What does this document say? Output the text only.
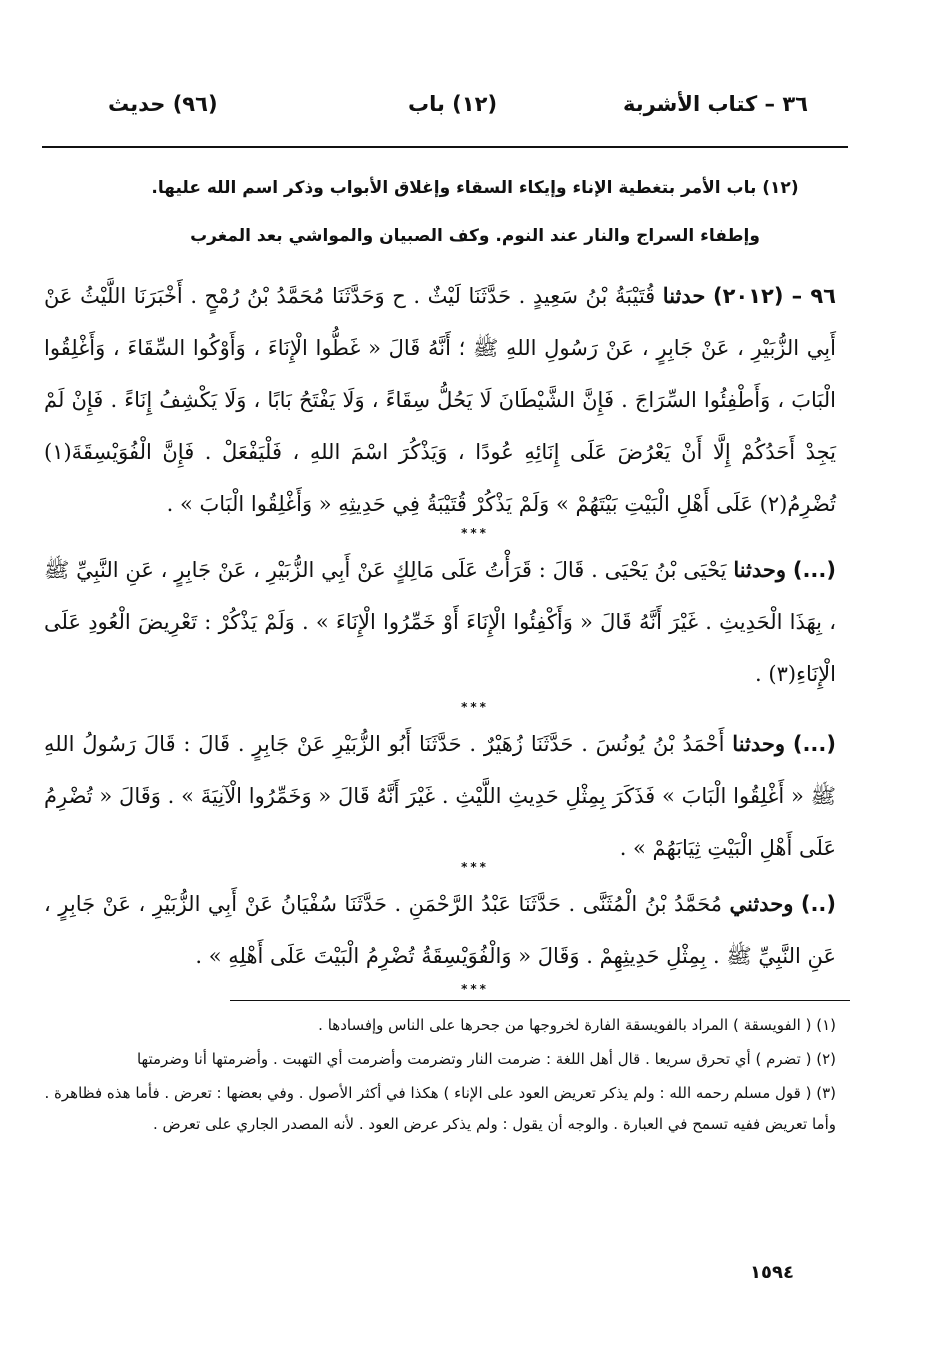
٣٦ – كتاب الأشربة
(١٢) باب
(٩٦) حديث
(١٢) باب الأمر بتغطية الإناء وإيكاء السقاء وإغلاق الأبواب وذكر اسم الله عليها.
وإطفاء السراج والنار عند النوم. وكف الصبيان والمواشي بعد المغرب
٩٦ – (٢٠١٢) حدثنا قُتَيْبَةُ بْنُ سَعِيدٍ . حَدَّثَنَا لَيْثٌ . ح وَحَدَّثَنَا مُحَمَّدُ بْنُ رُمْحٍ . أَخْبَرَنَا اللَّيْثُ عَنْ أَبِي الزُّبَيْرِ ، عَنْ جَابِرٍ ، عَنْ رَسُولِ اللهِ ﷺ ؛ أَنَّهُ قَالَ « غَطُّوا الْإِنَاءَ ، وَأَوْكُوا السِّقَاءَ ، وَأَغْلِقُوا الْبَابَ ، وَأَطْفِئُوا السِّرَاجَ . فَإِنَّ الشَّيْطَانَ لَا يَحُلُّ سِقَاءً ، وَلَا يَفْتَحُ بَابًا ، وَلَا يَكْشِفُ إِنَاءً . فَإِنْ لَمْ يَجِدْ أَحَدُكُمْ إِلَّا أَنْ يَعْرُضَ عَلَى إِنَائِهِ عُودًا ، وَيَذْكُرَ اسْمَ اللهِ ، فَلْيَفْعَلْ . فَإِنَّ الْفُوَيْسِقَةَ(١) تُضْرِمُ(٢) عَلَى أَهْلِ الْبَيْتِ بَيْتَهُمْ » وَلَمْ يَذْكُرْ قُتَيْبَةُ فِي حَدِيثِهِ « وَأَغْلِقُوا الْبَابَ » .
***
(...) وحدثنا يَحْيَى بْنُ يَحْيَى . قَالَ : قَرَأْتُ عَلَى مَالِكٍ عَنْ أَبِي الزُّبَيْرِ ، عَنْ جَابِرٍ ، عَنِ النَّبِيِّ ﷺ ، بِهَذَا الْحَدِيثِ . غَيْرَ أَنَّهُ قَالَ « وَأَكْفِئُوا الْإِنَاءَ أَوْ خَمِّرُوا الْإِنَاءَ » . وَلَمْ يَذْكُرْ : تَعْرِيضَ الْعُودِ عَلَى الْإِنَاءِ(٣) .
***
(...) وحدثنا أَحْمَدُ بْنُ يُونُسَ . حَدَّثَنَا زُهَيْرٌ . حَدَّثَنَا أَبُو الزُّبَيْرِ عَنْ جَابِرٍ . قَالَ : قَالَ رَسُولُ اللهِ ﷺ « أَغْلِقُوا الْبَابَ » فَذَكَرَ بِمِثْلِ حَدِيثِ اللَّيْثِ . غَيْرَ أَنَّهُ قَالَ « وَخَمِّرُوا الْآنِيَةَ » . وَقَالَ « تُضْرِمُ عَلَى أَهْلِ الْبَيْتِ ثِيَابَهُمْ » .
***
(..) وحدثني مُحَمَّدُ بْنُ الْمُثَنَّى . حَدَّثَنَا عَبْدُ الرَّحْمَنِ . حَدَّثَنَا سُفْيَانُ عَنْ أَبِي الزُّبَيْرِ ، عَنْ جَابِرٍ ، عَنِ النَّبِيِّ ﷺ . بِمِثْلِ حَدِيثِهِمْ . وَقَالَ « وَالْفُوَيْسِقَةُ تُضْرِمُ الْبَيْتَ عَلَى أَهْلِهِ » .
***

(١) ( الفويسقة ) المراد بالفويسقة الفارة لخروجها من جحرها على الناس وإفسادها .

(٢) ( تضرم ) أي تحرق سريعا . قال أهل اللغة : ضرمت النار وتضرمت وأضرمت أي التهبت . وأضرمتها أنا وضرمتها

(٣) ( قول مسلم رحمه الله : ولم يذكر تعريض العود على الإناء ) هكذا في أكثر الأصول . وفي بعضها : تعرض . فأما هذه فظاهرة . وأما تعريض ففيه تسمح في العبارة . والوجه أن يقول : ولم يذكر عرض العود . لأنه المصدر الجاري على تعرض .

١٥٩٤
